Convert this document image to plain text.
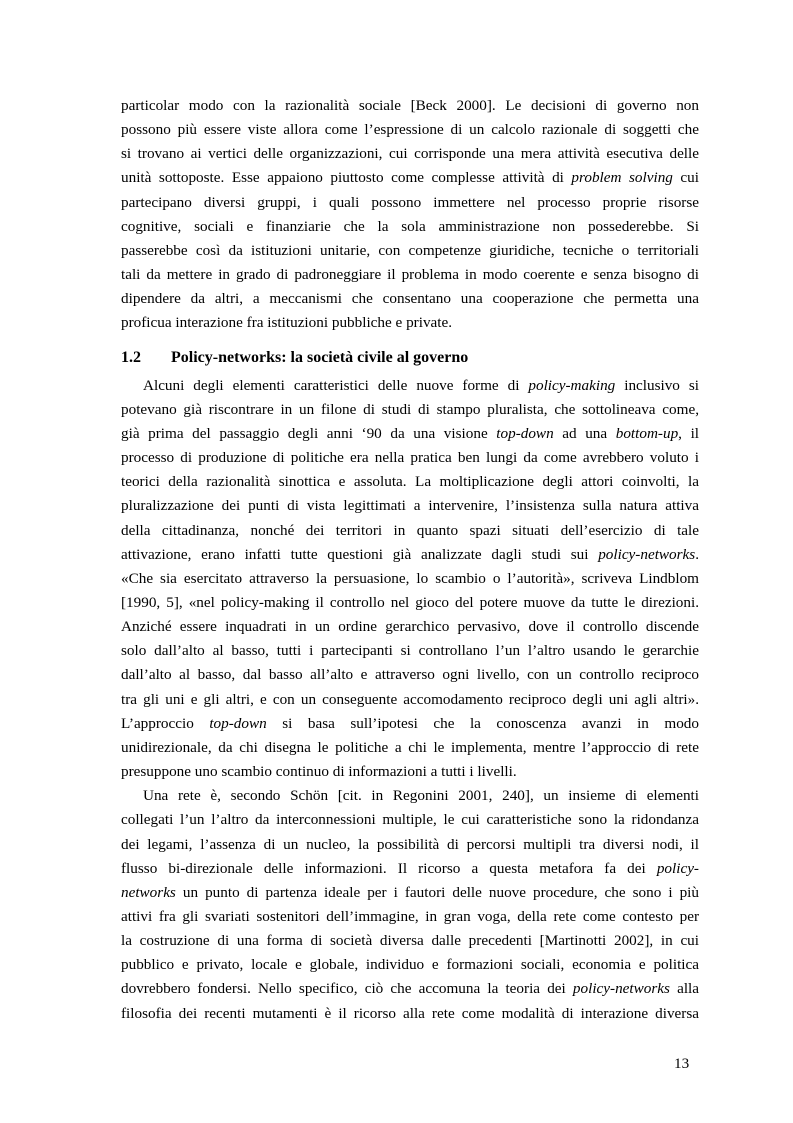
particolar modo con la razionalità sociale [Beck 2000]. Le decisioni di governo non
possono più essere viste allora come l’espressione di un calcolo razionale di soggetti che
si trovano ai vertici delle organizzazioni, cui corrisponde una mera attività esecutiva delle
unità sottoposte. Esse appaiono piuttosto come complesse attività di problem solving cui
partecipano diversi gruppi, i quali possono immettere nel processo proprie risorse
cognitive, sociali e finanziarie che la sola amministrazione non possederebbe. Si
passerebbe così da istituzioni unitarie, con competenze giuridiche, tecniche o territoriali
tali da mettere in grado di padroneggiare il problema in modo coerente e senza bisogno di
dipendere da altri, a meccanismi che consentano una cooperazione che permetta una
proficua interazione fra istituzioni pubbliche e private.
1.2 Policy-networks: la società civile al governo
Alcuni degli elementi caratteristici delle nuove forme di policy-making inclusivo si
potevano già riscontrare in un filone di studi di stampo pluralista, che sottolineava come,
già prima del passaggio degli anni ‘90 da una visione top-down ad una bottom-up, il
processo di produzione di politiche era nella pratica ben lungi da come avrebbero voluto i
teorici della razionalità sinottica e assoluta. La moltiplicazione degli attori coinvolti, la
pluralizzazione dei punti di vista legittimati a intervenire, l’insistenza sulla natura attiva
della cittadinanza, nonché dei territori in quanto spazi situati dell’esercizio di tale
attivazione, erano infatti tutte questioni già analizzate dagli studi sui policy-networks.
«Che sia esercitato attraverso la persuasione, lo scambio o l’autorità», scriveva Lindblom
[1990, 5], «nel policy-making il controllo nel gioco del potere muove da tutte le direzioni.
Anziché essere inquadrati in un ordine gerarchico pervasivo, dove il controllo discende
solo dall’alto al basso, tutti i partecipanti si controllano l’un l’altro usando le gerarchie
dall’alto al basso, dal basso all’alto e attraverso ogni livello, con un controllo reciproco
tra gli uni e gli altri, e con un conseguente accomodamento reciproco degli uni agli altri».
L’approccio top-down si basa sull’ipotesi che la conoscenza avanzi in modo
unidirezionale, da chi disegna le politiche a chi le implementa, mentre l’approccio di rete
presuppone uno scambio continuo di informazioni a tutti i livelli.
Una rete è, secondo Schön [cit. in Regonini 2001, 240], un insieme di elementi
collegati l’un l’altro da interconnessioni multiple, le cui caratteristiche sono la ridondanza
dei legami, l’assenza di un nucleo, la possibilità di percorsi multipli tra diversi nodi, il
flusso bi-direzionale delle informazioni. Il ricorso a questa metafora fa dei policy-
networks un punto di partenza ideale per i fautori delle nuove procedure, che sono i più
attivi fra gli svariati sostenitori dell’immagine, in gran voga, della rete come contesto per
la costruzione di una forma di società diversa dalle precedenti [Martinotti 2002], in cui
pubblico e privato, locale e globale, individuo e formazioni sociali, economia e politica
dovrebbero fondersi. Nello specifico, ciò che accomuna la teoria dei policy-networks alla
filosofia dei recenti mutamenti è il ricorso alla rete come modalità di interazione diversa
13
